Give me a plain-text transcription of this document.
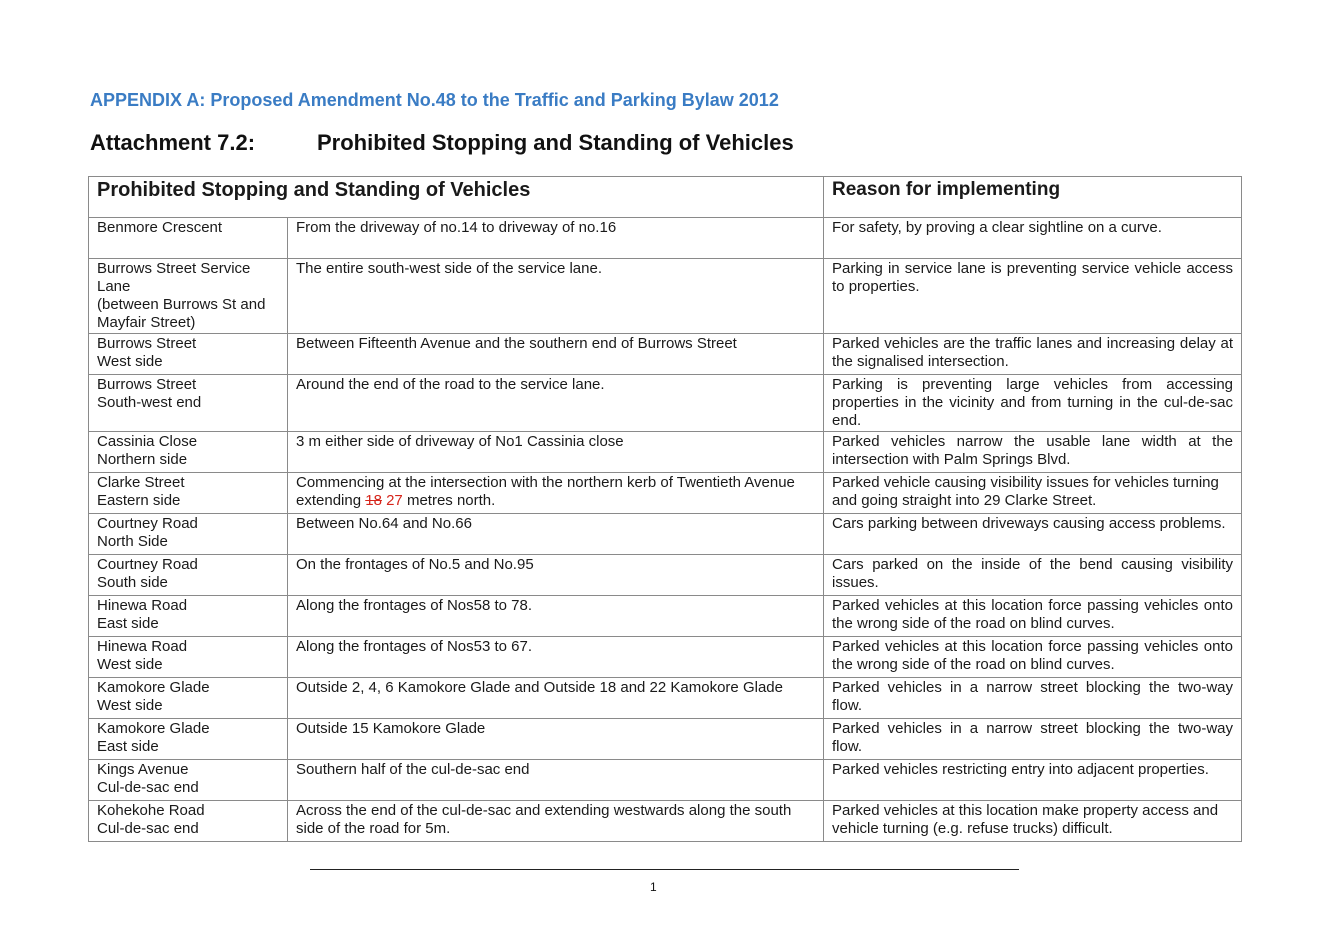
APPENDIX A: Proposed Amendment No.48 to the Traffic and Parking Bylaw 2012
Attachment 7.2:	Prohibited Stopping and Standing of Vehicles
Prohibited Stopping and Standing of Vehicles		Reason for implementing
Benmore Crescent	From the driveway of no.14 to driveway of no.16	For safety, by proving a clear sightline on a curve.
Burrows Street Service Lane
(between Burrows St and Mayfair Street)	The entire south-west side of the service lane.	Parking in service lane is preventing service vehicle access to properties.
Burrows Street
West side	Between Fifteenth Avenue and the southern end of Burrows Street	Parked vehicles are the traffic lanes and increasing delay at the signalised intersection.
Burrows Street
South-west end	Around the end of the road to the service lane.	Parking is preventing large vehicles from accessing properties in the vicinity and from turning in the cul-de-sac end.
Cassinia Close
Northern side	3 m either side of driveway of No1 Cassinia close	Parked vehicles narrow the usable lane width at the intersection with Palm Springs Blvd.
Clarke Street
Eastern side	Commencing at the intersection with the northern kerb of Twentieth Avenue extending 18 27 metres north.	Parked vehicle causing visibility issues for vehicles turning and going straight into 29 Clarke Street.
Courtney Road
North Side	Between No.64 and No.66	Cars parking between driveways causing access problems.
Courtney Road
South side	On the frontages of No.5 and No.95	Cars parked on the inside of the bend causing visibility issues.
Hinewa Road
East side	Along the frontages of Nos58 to 78.	Parked vehicles at this location force passing vehicles onto the wrong side of the road on blind curves.
Hinewa Road
West side	Along the frontages of Nos53 to 67.	Parked vehicles at this location force passing vehicles onto the wrong side of the road on blind curves.
Kamokore Glade
West side	Outside 2, 4, 6 Kamokore Glade and Outside 18 and 22 Kamokore Glade	Parked vehicles in a narrow street blocking the two-way flow.
Kamokore Glade
East side	Outside 15 Kamokore Glade	Parked vehicles in a narrow street blocking the two-way flow.
Kings Avenue
Cul-de-sac end	Southern half of the cul-de-sac end	Parked vehicles restricting entry into adjacent properties.
Kohekohe Road
Cul-de-sac end	Across the end of the cul-de-sac and extending westwards along the south side of the road for 5m.	Parked vehicles at this location make property access and vehicle turning (e.g. refuse trucks) difficult.
1
